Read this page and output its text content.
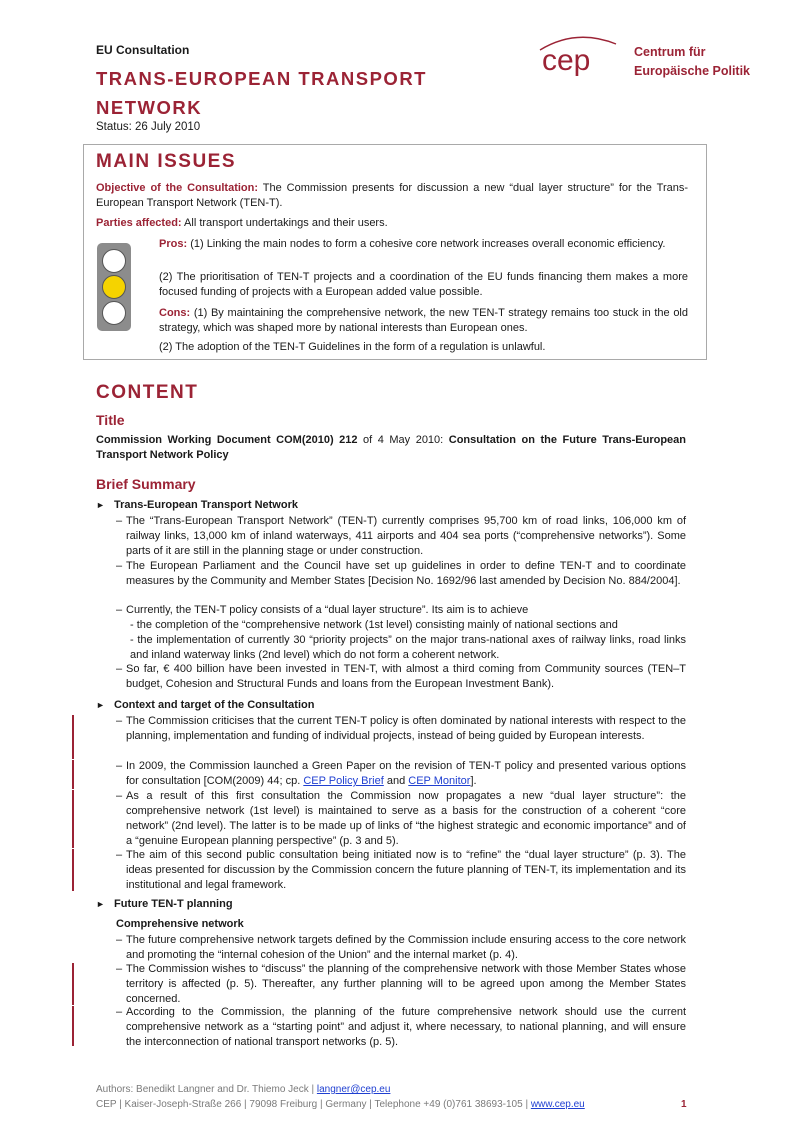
EU Consultation
TRANS-EUROPEAN TRANSPORT NETWORK
Status: 26 July 2010
cep	Centrum für
Europäische Politik
MAIN ISSUES
Objective of the Consultation: The Commission presents for discussion a new “dual layer structure” for the Trans-European Transport Network (TEN-T).
Parties affected: All transport undertakings and their users.
Pros: (1) Linking the main nodes to form a cohesive core network increases overall economic efficiency.
(2) The prioritisation of TEN-T projects and a coordination of the EU funds financing them makes a more focused funding of projects with a European added value possible.
Cons: (1) By maintaining the comprehensive network, the new TEN-T strategy remains too stuck in the old strategy, which was shaped more by national interests than European ones.
(2) The adoption of the TEN-T Guidelines in the form of a regulation is unlawful.
CONTENT
Title
Commission Working Document COM(2010) 212 of 4 May 2010: Consultation on the Future Trans-European Transport Network Policy
Brief Summary
► Trans-European Transport Network
– The “Trans-European Transport Network” (TEN-T) currently comprises 95,700 km of road links, 106,000 km of railway links, 13,000 km of inland waterways, 411 airports and 404 sea ports (“comprehensive networks”). Some parts of it are still in the planning stage or under construction.
– The European Parliament and the Council have set up guidelines in order to define TEN-T and to coordinate measures by the Community and Member States [Decision No. 1692/96 last amended by Decision No. 884/2004].
– Currently, the TEN-T policy consists of a “dual layer structure”. Its aim is to achieve
- the completion of the “comprehensive network (1st level) consisting mainly of national sections and
- the implementation of currently 30 “priority projects” on the major trans-national axes of railway links, road links and inland waterway links (2nd level) which do not form a coherent network.
– So far, € 400 billion have been invested in TEN-T, with almost a third coming from Community sources (TEN–T budget, Cohesion and Structural Funds and loans from the European Investment Bank).
► Context and target of the Consultation
– The Commission criticises that the current TEN-T policy is often dominated by national interests with respect to the planning, implementation and funding of individual projects, instead of being guided by European interests.
– In 2009, the Commission launched a Green Paper on the revision of TEN-T policy and presented various options for consultation [COM(2009) 44; cp. CEP Policy Brief and CEP Monitor].
– As a result of this first consultation the Commission now propagates a new “dual layer structure”: the comprehensive network (1st level) is maintained to serve as a basis for the construction of a coherent “core network” (2nd level). The latter is to be made up of links of “the highest strategic and economic importance” and of a “genuine European planning perspective” (p. 3 and 5).
– The aim of this second public consultation being initiated now is to “refine” the “dual layer structure” (p. 3). The ideas presented for discussion by the Commission concern the future planning of TEN-T, its implementation and its institutional and legal framework.
► Future TEN-T planning
Comprehensive network
– The future comprehensive network targets defined by the Commission include ensuring access to the core network and promoting the “internal cohesion of the Union” and the internal market (p. 4).
– The Commission wishes to “discuss” the planning of the comprehensive network with those Member States whose territory is affected (p. 5). Thereafter, any further planning will to be agreed upon among the Member States concerned.
– According to the Commission, the planning of the future comprehensive network should use the current comprehensive network as a “starting point” and adjust it, where necessary, to national planning, and will ensure the interconnection of national transport networks (p. 5).
Authors: Benedikt Langner and Dr. Thiemo Jeck | langner@cep.eu
CEP | Kaiser-Joseph-Straße 266 | 79098 Freiburg | Germany | Telephone +49 (0)761 38693-105 | www.cep.eu	1
